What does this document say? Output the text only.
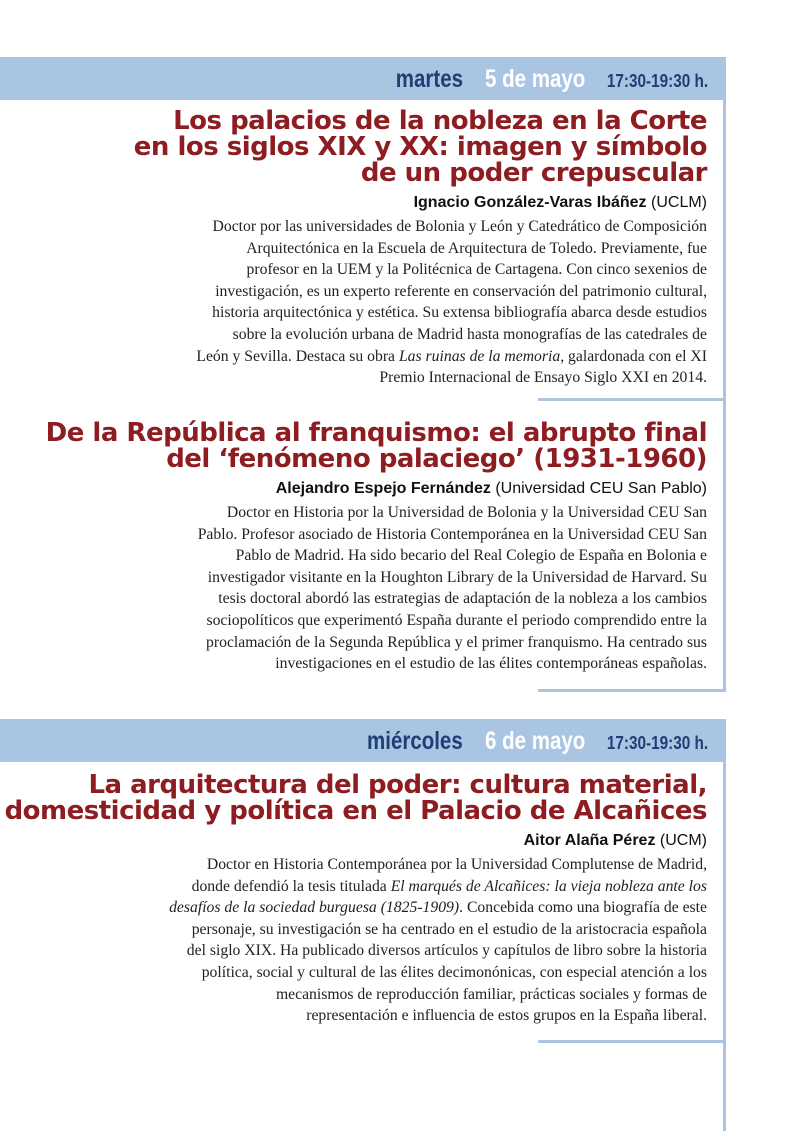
martes 5 de mayo 17:30-19:30 h.
Los palacios de la nobleza en la Corte
en los siglos XIX y XX: imagen y símbolo
de un poder crepuscular
Ignacio González-Varas Ibáñez (UCLM)
Doctor por las universidades de Bolonia y León y Catedrático de Composición
Arquitectónica en la Escuela de Arquitectura de Toledo. Previamente, fue
profesor en la UEM y la Politécnica de Cartagena. Con cinco sexenios de
investigación, es un experto referente en conservación del patrimonio cultural,
historia arquitectónica y estética. Su extensa bibliografía abarca desde estudios
sobre la evolución urbana de Madrid hasta monografías de las catedrales de
León y Sevilla. Destaca su obra Las ruinas de la memoria, galardonada con el XI
Premio Internacional de Ensayo Siglo XXI en 2014.
De la República al franquismo: el abrupto final
del ‘fenómeno palaciego’ (1931-1960)
Alejandro Espejo Fernández (Universidad CEU San Pablo)
Doctor en Historia por la Universidad de Bolonia y la Universidad CEU San
Pablo. Profesor asociado de Historia Contemporánea en la Universidad CEU San
Pablo de Madrid. Ha sido becario del Real Colegio de España en Bolonia e
investigador visitante en la Houghton Library de la Universidad de Harvard. Su
tesis doctoral abordó las estrategias de adaptación de la nobleza a los cambios
sociopolíticos que experimentó España durante el periodo comprendido entre la
proclamación de la Segunda República y el primer franquismo. Ha centrado sus
investigaciones en el estudio de las élites contemporáneas españolas.
miércoles 6 de mayo 17:30-19:30 h.
La arquitectura del poder: cultura material,
domesticidad y política en el Palacio de Alcañices
Aitor Alaña Pérez (UCM)
Doctor en Historia Contemporánea por la Universidad Complutense de Madrid,
donde defendió la tesis titulada El marqués de Alcañices: la vieja nobleza ante los
desafíos de la sociedad burguesa (1825-1909). Concebida como una biografía de este
personaje, su investigación se ha centrado en el estudio de la aristocracia española
del siglo XIX. Ha publicado diversos artículos y capítulos de libro sobre la historia
política, social y cultural de las élites decimonónicas, con especial atención a los
mecanismos de reproducción familiar, prácticas sociales y formas de
representación e influencia de estos grupos en la España liberal.
